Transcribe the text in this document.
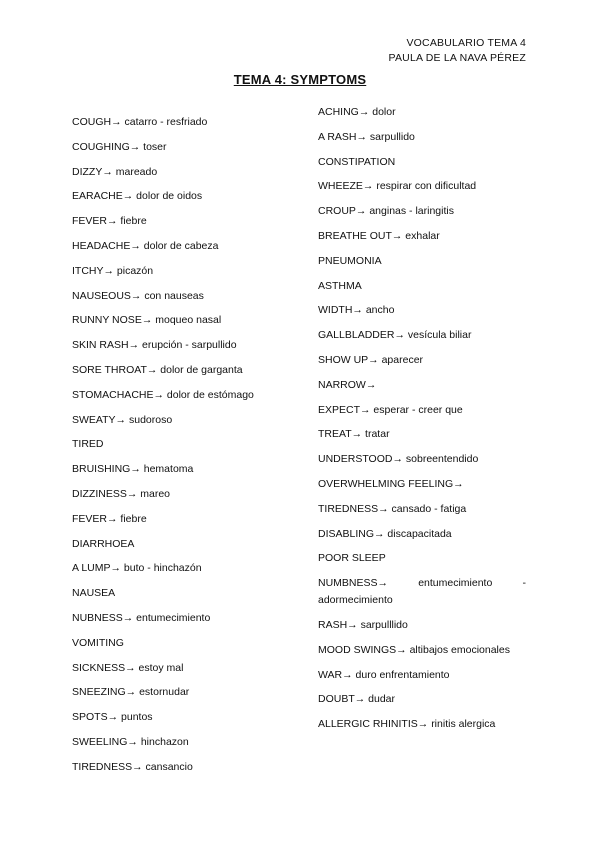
VOCABULARIO TEMA 4
PAULA DE LA NAVA PÉREZ
TEMA 4: SYMPTOMS
COUGH→ catarro - resfriado
COUGHING→ toser
DIZZY→ mareado
EARACHE→ dolor de oidos
FEVER→ fiebre
HEADACHE→ dolor de cabeza
ITCHY→ picazón
NAUSEOUS→ con nauseas
RUNNY NOSE→ moqueo nasal
SKIN RASH→ erupción - sarpullido
SORE THROAT→ dolor de garganta
STOMACHACHE→ dolor de estómago
SWEATY→ sudoroso
TIRED
BRUISHING→ hematoma
DIZZINESS→ mareo
FEVER→ fiebre
DIARRHOEA
A LUMP→ buto - hinchazón
NAUSEA
NUBNESS→ entumecimiento
VOMITING
SICKNESS→ estoy mal
SNEEZING→ estornudar
SPOTS→ puntos
SWEELING→ hinchazon
TIREDNESS→ cansancio
ACHING→ dolor
A RASH→ sarpullido
CONSTIPATION
WHEEZE→ respirar con dificultad
CROUP→ anginas - laringitis
BREATHE OUT→ exhalar
PNEUMONIA
ASTHMA
WIDTH→ ancho
GALLBLADDER→ vesícula biliar
SHOW UP→ aparecer
NARROW→
EXPECT→ esperar - creer que
TREAT→ tratar
UNDERSTOOD→ sobreentendido
OVERWHELMING FEELING→
TIREDNESS→ cansado - fatiga
DISABLING→ discapacitada
POOR SLEEP
NUMBNESS→ entumecimiento - adormecimiento
RASH→ sarpulllido
MOOD SWINGS→ altibajos emocionales
WAR→ duro enfrentamiento
DOUBT→ dudar
ALLERGIC RHINITIS→ rinitis alergica
